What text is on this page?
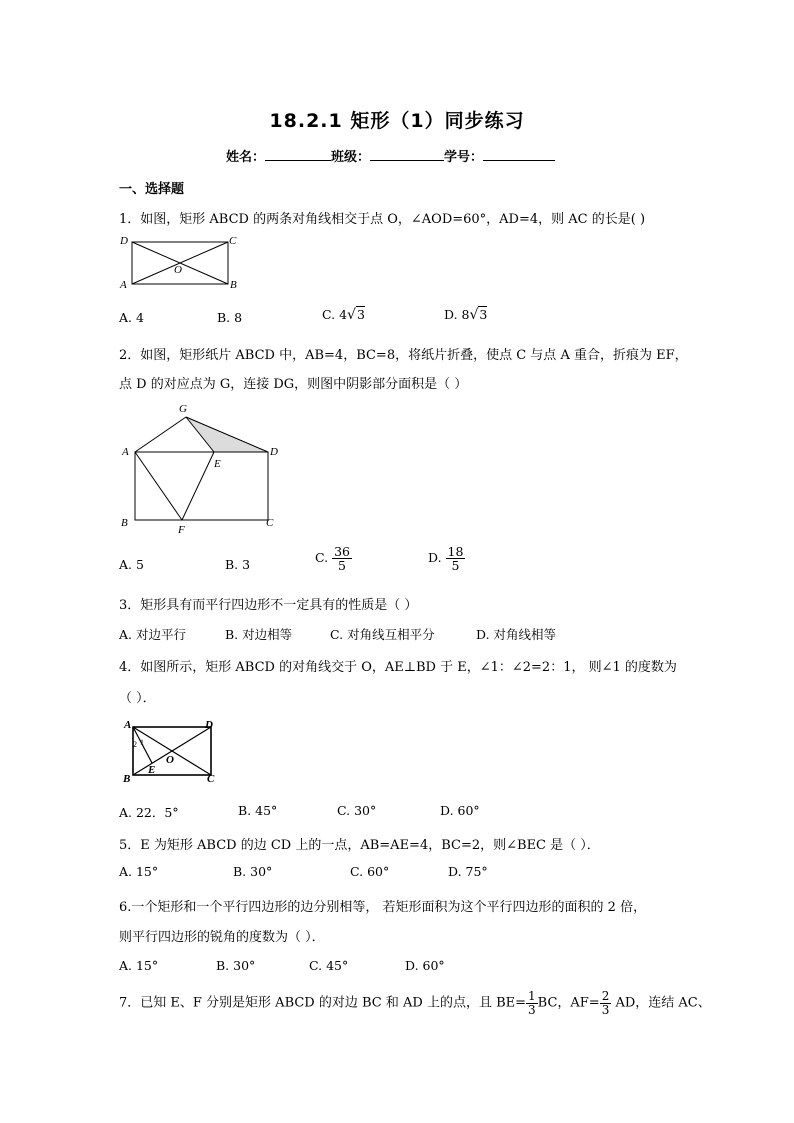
18.2.1 矩形（1）同步练习
姓名：	班级：	学号：
一、选择题
1．如图，矩形 ABCD 的两条对角线相交于点 O，∠AOD=60°，AD=4，则 AC 的长是( )
D	C
A	B
O
A. 4	B. 8	C. 4√3	D. 8√3
2．如图，矩形纸片 ABCD 中，AB=4，BC=8，将纸片折叠，使点 C 与点 A 重合，折痕为 EF，
点 D 的对应点为 G，连接 DG，则图中阴影部分面积是（ ）
G
A	D
E
B
F
C
A. 5	B. 3	C. $\frac{36}{5}$	D. $\frac{18}{5}$
3．矩形具有而平行四边形不一定具有的性质是（ ）
A. 对边平行	B. 对边相等	C. 对角线互相平分	D. 对角线相等
4．如图所示，矩形 ABCD 的对角线交于 O，AE⊥BD 于 E，∠1：∠2=2：1， 则∠1 的度数为
（ ）．
A	D
B	C
E
O
1
2
A. 22．5°	B. 45°	C. 30°	D. 60°
5．E 为矩形 ABCD 的边 CD 上的一点，AB=AE=4，BC=2，则∠BEC 是（ ）．
A. 15°	B. 30°	C. 60°	D. 75°
6.一个矩形和一个平行四边形的边分别相等， 若矩形面积为这个平行四边形的面积的 2 倍，
则平行四边形的锐角的度数为（ ）．
A. 15°	B. 30°	C. 45°	D. 60°
7．已知 E、F 分别是矩形 ABCD 的对边 BC 和 AD 上的点，且 $BE= \frac{1}{3}$ BC，$AF= \frac{2}{3}$ AD，连结 AC、
